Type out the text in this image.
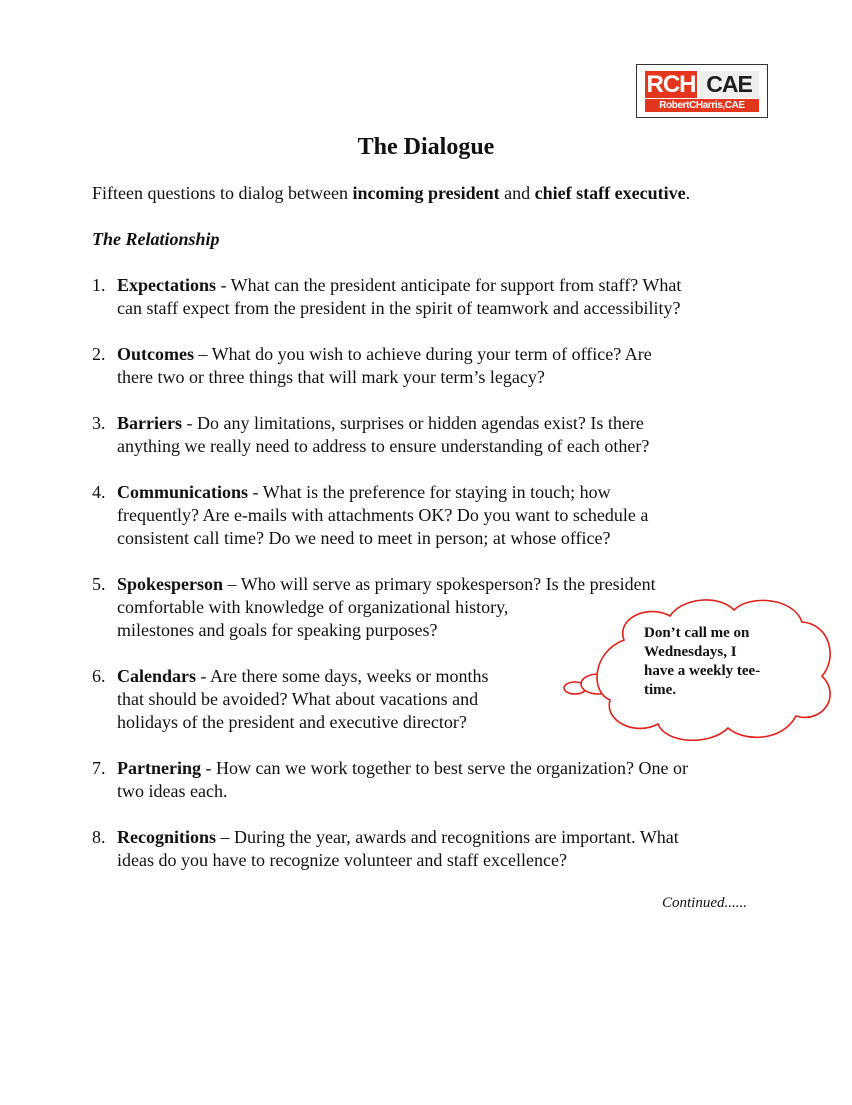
RCH CAE
RobertCHarris,CAE
The Dialogue
Fifteen questions to dialog between incoming president and chief staff executive.
The Relationship
1. Expectations - What can the president anticipate for support from staff? What
can staff expect from the president in the spirit of teamwork and accessibility?
2. Outcomes – What do you wish to achieve during your term of office? Are
there two or three things that will mark your term’s legacy?
3. Barriers - Do any limitations, surprises or hidden agendas exist? Is there
anything we really need to address to ensure understanding of each other?
4. Communications - What is the preference for staying in touch; how
frequently? Are e-mails with attachments OK? Do you want to schedule a
consistent call time? Do we need to meet in person; at whose office?
5. Spokesperson – Who will serve as primary spokesperson? Is the president
comfortable with knowledge of organizational history,
milestones and goals for speaking purposes?
6. Calendars - Are there some days, weeks or months
that should be avoided? What about vacations and
holidays of the president and executive director?
7. Partnering - How can we work together to best serve the organization? One or
two ideas each.
8. Recognitions – During the year, awards and recognitions are important. What
ideas do you have to recognize volunteer and staff excellence?
Don’t call me on
Wednesdays, I
have a weekly tee-
time.
Continued......
